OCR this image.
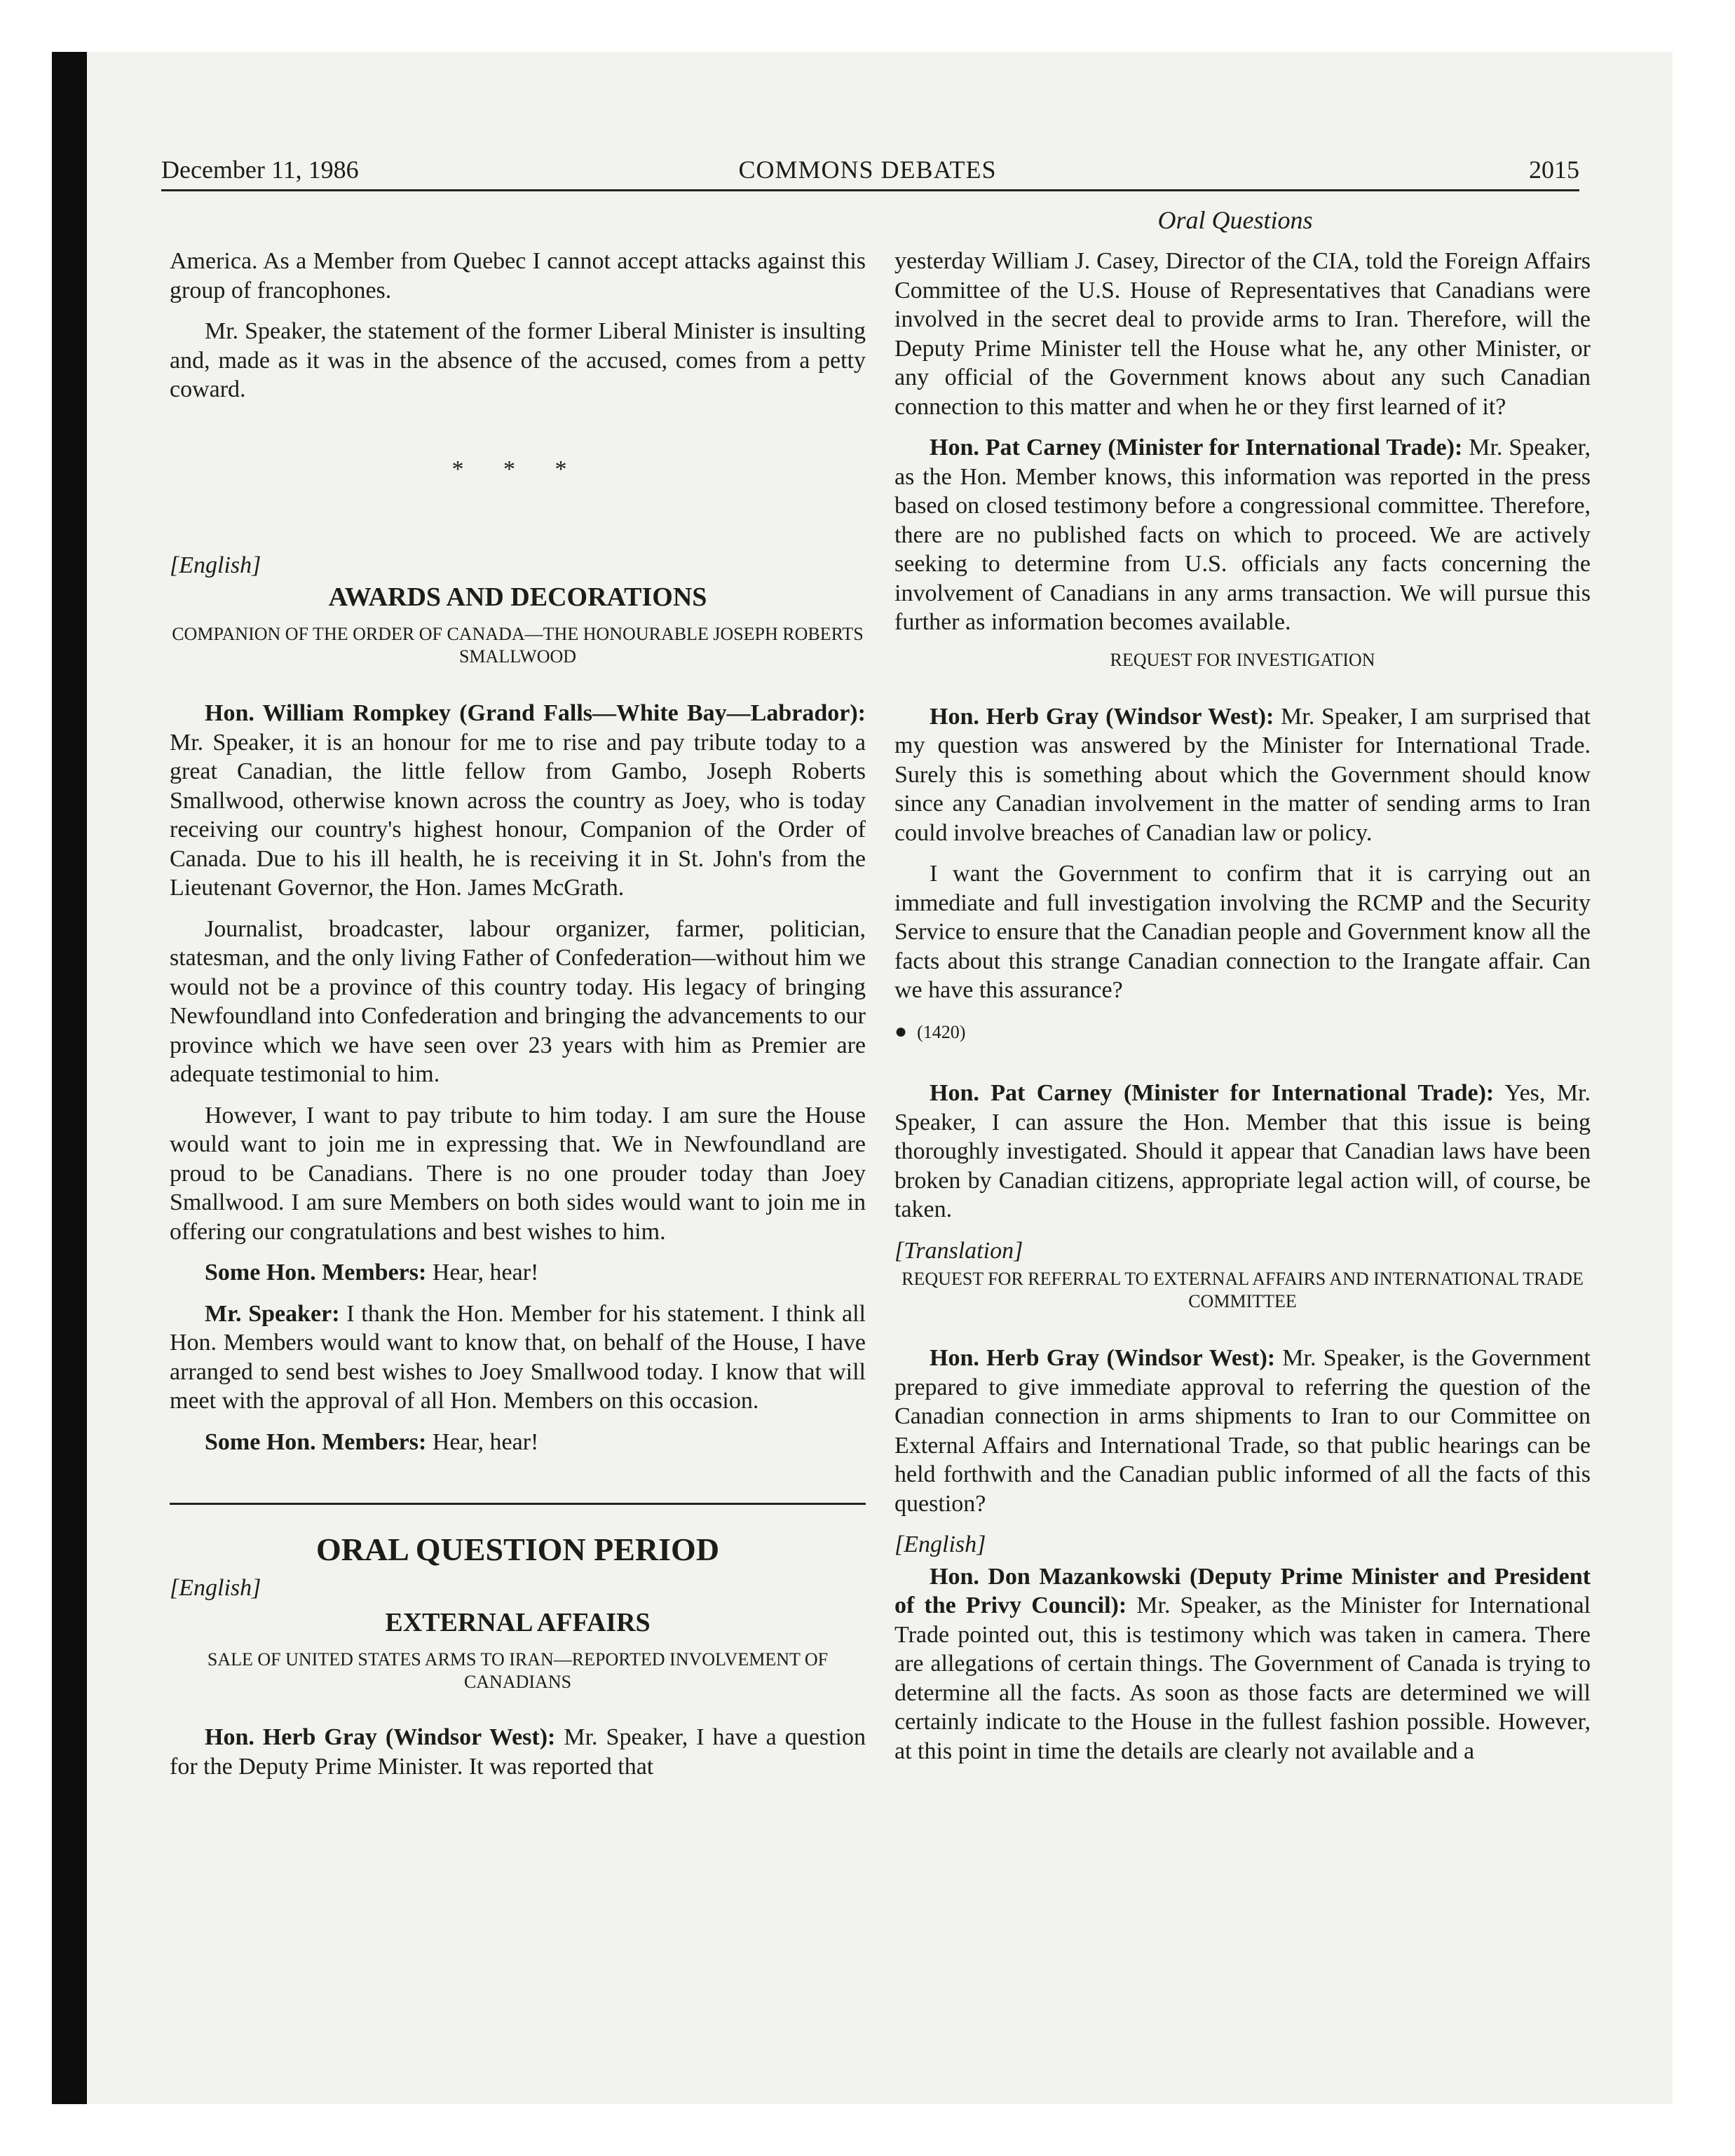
December 11, 1986	COMMONS DEBATES	2015
Oral Questions

America. As a Member from Quebec I cannot accept attacks against this group of francophones.

Mr. Speaker, the statement of the former Liberal Minister is insulting and, made as it was in the absence of the accused, comes from a petty coward.

* * *
[English]
AWARDS AND DECORATIONS
COMPANION OF THE ORDER OF CANADA—THE HONOURABLE JOSEPH ROBERTS SMALLWOOD

Hon. William Rompkey (Grand Falls—White Bay—Labrador): Mr. Speaker, it is an honour for me to rise and pay tribute today to a great Canadian, the little fellow from Gambo, Joseph Roberts Smallwood, otherwise known across the country as Joey, who is today receiving our country's highest honour, Companion of the Order of Canada. Due to his ill health, he is receiving it in St. John's from the Lieutenant Governor, the Hon. James McGrath.

Journalist, broadcaster, labour organizer, farmer, politician, statesman, and the only living Father of Confederation—without him we would not be a province of this country today. His legacy of bringing Newfoundland into Confederation and bringing the advancements to our province which we have seen over 23 years with him as Premier are adequate testimonial to him.

However, I want to pay tribute to him today. I am sure the House would want to join me in expressing that. We in Newfoundland are proud to be Canadians. There is no one prouder today than Joey Smallwood. I am sure Members on both sides would want to join me in offering our congratulations and best wishes to him.

Some Hon. Members: Hear, hear!

Mr. Speaker: I thank the Hon. Member for his statement. I think all Hon. Members would want to know that, on behalf of the House, I have arranged to send best wishes to Joey Smallwood today. I know that will meet with the approval of all Hon. Members on this occasion.

Some Hon. Members: Hear, hear!

ORAL QUESTION PERIOD
[English]
EXTERNAL AFFAIRS
SALE OF UNITED STATES ARMS TO IRAN—REPORTED INVOLVEMENT OF CANADIANS

Hon. Herb Gray (Windsor West): Mr. Speaker, I have a question for the Deputy Prime Minister. It was reported that

yesterday William J. Casey, Director of the CIA, told the Foreign Affairs Committee of the U.S. House of Representatives that Canadians were involved in the secret deal to provide arms to Iran. Therefore, will the Deputy Prime Minister tell the House what he, any other Minister, or any official of the Government knows about any such Canadian connection to this matter and when he or they first learned of it?

Hon. Pat Carney (Minister for International Trade): Mr. Speaker, as the Hon. Member knows, this information was reported in the press based on closed testimony before a congressional committee. Therefore, there are no published facts on which to proceed. We are actively seeking to determine from U.S. officials any facts concerning the involvement of Canadians in any arms transaction. We will pursue this further as information becomes available.

REQUEST FOR INVESTIGATION

Hon. Herb Gray (Windsor West): Mr. Speaker, I am surprised that my question was answered by the Minister for International Trade. Surely this is something about which the Government should know since any Canadian involvement in the matter of sending arms to Iran could involve breaches of Canadian law or policy.

I want the Government to confirm that it is carrying out an immediate and full investigation involving the RCMP and the Security Service to ensure that the Canadian people and Government know all the facts about this strange Canadian connection to the Irangate affair. Can we have this assurance?

● (1420)

Hon. Pat Carney (Minister for International Trade): Yes, Mr. Speaker, I can assure the Hon. Member that this issue is being thoroughly investigated. Should it appear that Canadian laws have been broken by Canadian citizens, appropriate legal action will, of course, be taken.

[Translation]
REQUEST FOR REFERRAL TO EXTERNAL AFFAIRS AND INTERNATIONAL TRADE COMMITTEE

Hon. Herb Gray (Windsor West): Mr. Speaker, is the Government prepared to give immediate approval to referring the question of the Canadian connection in arms shipments to Iran to our Committee on External Affairs and International Trade, so that public hearings can be held forthwith and the Canadian public informed of all the facts of this question?

[English]

Hon. Don Mazankowski (Deputy Prime Minister and President of the Privy Council): Mr. Speaker, as the Minister for International Trade pointed out, this is testimony which was taken in camera. There are allegations of certain things. The Government of Canada is trying to determine all the facts. As soon as those facts are determined we will certainly indicate to the House in the fullest fashion possible. However, at this point in time the details are clearly not available and a
